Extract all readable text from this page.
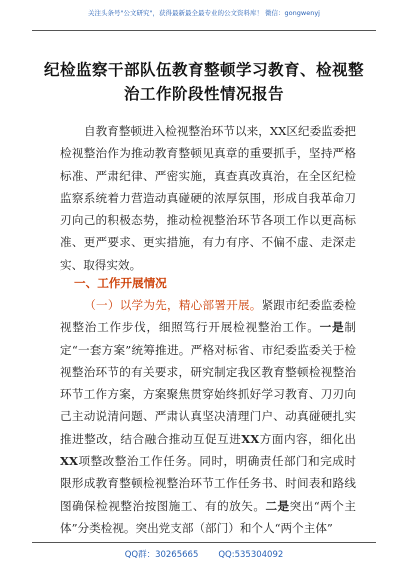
关注头条号"公文研究"，获得最新最全最专业的公文资料库！ 微信：gongwenyj
纪检监察干部队伍教育整顿学习教育、检视整治工作阶段性情况报告
自教育整顿进入检视整治环节以来，XX区纪委监委把检视整治作为推动教育整顿见真章的重要抓手，坚持严格标准、严肃纪律、严密实施，真查真改真治，在全区纪检监察系统着力营造动真碰硬的浓厚氛围，形成自我革命刀刃向己的积极态势，推动检视整治环节各项工作以更高标准、更严要求、更实措施，有力有序、不偏不虚、走深走实、取得实效。
一、工作开展情况
（一）以学为先，精心部署开展。紧跟市纪委监委检视整治工作步伐，细照笃行开展检视整治工作。一是制定“一套方案”统筹推进。严格对标省、市纪委监委关于检视整治环节的有关要求，研究制定我区教育整顿检视整治环节工作方案，方案聚焦贯穿始终抓好学习教育、刀刃向己主动说清问题、严肃认真坚决清理门户、动真碰硬扎实推进整改，结合融合推动互促互进XX方面内容，细化出XX项整改整治工作任务。同时，明确责任部门和完成时限形成教育整顿检视整治环节工作任务书、时间表和路线图确保检视整治按图施工、有的放矢。二是突出“两个主体”分类检视。突出党支部（部门）和个人“两个主体”
QQ群：30265665 QQ:535304092
